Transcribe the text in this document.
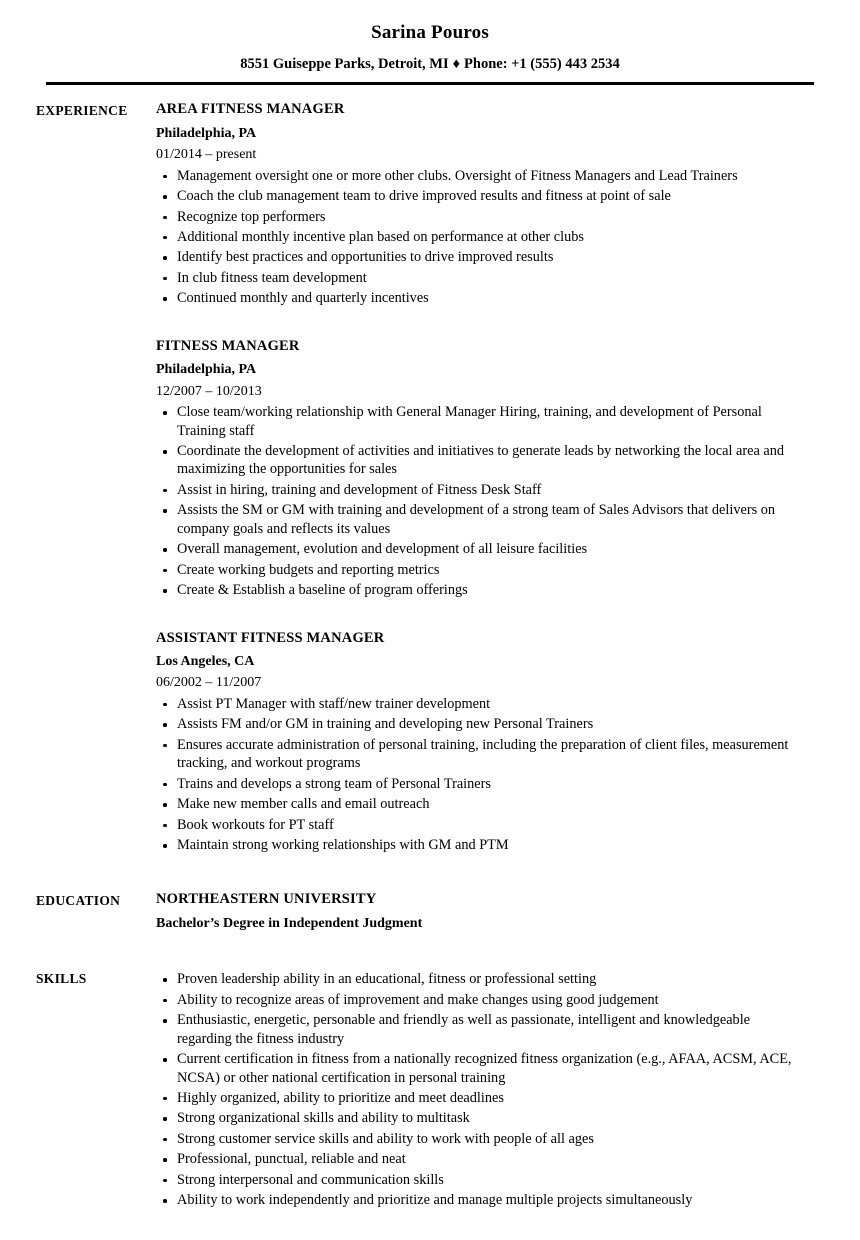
Sarina Pouros
8551 Guiseppe Parks, Detroit, MI ♦ Phone: +1 (555) 443 2534
EXPERIENCE	AREA FITNESS MANAGER
Philadelphia, PA
01/2014 – present
Management oversight one or more other clubs. Oversight of Fitness Managers and Lead Trainers
Coach the club management team to drive improved results and fitness at point of sale
Recognize top performers
Additional monthly incentive plan based on performance at other clubs
Identify best practices and opportunities to drive improved results
In club fitness team development
Continued monthly and quarterly incentives
FITNESS MANAGER
Philadelphia, PA
12/2007 – 10/2013
Close team/working relationship with General Manager Hiring, training, and development of Personal Training staff
Coordinate the development of activities and initiatives to generate leads by networking the local area and maximizing the opportunities for sales
Assist in hiring, training and development of Fitness Desk Staff
Assists the SM or GM with training and development of a strong team of Sales Advisors that delivers on company goals and reflects its values
Overall management, evolution and development of all leisure facilities
Create working budgets and reporting metrics
Create & Establish a baseline of program offerings
ASSISTANT FITNESS MANAGER
Los Angeles, CA
06/2002 – 11/2007
Assist PT Manager with staff/new trainer development
Assists FM and/or GM in training and developing new Personal Trainers
Ensures accurate administration of personal training, including the preparation of client files, measurement tracking, and workout programs
Trains and develops a strong team of Personal Trainers
Make new member calls and email outreach
Book workouts for PT staff
Maintain strong working relationships with GM and PTM
EDUCATION	NORTHEASTERN UNIVERSITY
Bachelor’s Degree in Independent Judgment
SKILLS	Proven leadership ability in an educational, fitness or professional setting
Ability to recognize areas of improvement and make changes using good judgement
Enthusiastic, energetic, personable and friendly as well as passionate, intelligent and knowledgeable regarding the fitness industry
Current certification in fitness from a nationally recognized fitness organization (e.g., AFAA, ACSM, ACE, NCSA) or other national certification in personal training
Highly organized, ability to prioritize and meet deadlines
Strong organizational skills and ability to multitask
Strong customer service skills and ability to work with people of all ages
Professional, punctual, reliable and neat
Strong interpersonal and communication skills
Ability to work independently and prioritize and manage multiple projects simultaneously
